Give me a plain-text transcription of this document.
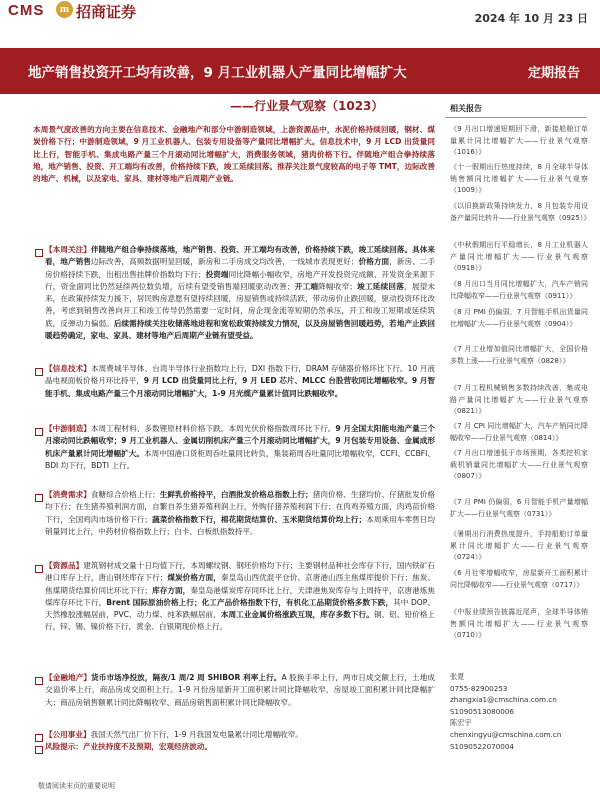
CMS	m 招商证券	2024 年 10 月 23 日
地产销售投资开工均有改善，9 月工业机器人产量同比增幅扩大	定期报告
——行业景气观察（1023）
本周景气度改善的方向主要在信息技术、金融地产和部分中游制造领域，上游资源品中，水泥价格持续回暖，钢材、煤炭价格下行；中游制造领域，9 月工业机器人、包装专用设备等产量同比增幅扩大。信息技术中，9 月 LCD 出货量同比上行，智能手机、集成电路产量三个月滚动同比增幅扩大，消费服务领域，猪肉价格下行。伴随地产组合拳持续落地，地产销售、投资、开工端均有改善，价格持续下跌，竣工延续回落。推荐关注景气度较高的电子等 TMT，边际改善的地产、机械，以及家电、家具、建材等地产后周期产业链。
【本周关注】伴随地产组合拳持续落地，地产销售、投资、开工端均有改善，价格持续下跌，竣工延续回落。具体来看，地产销售边际改善，高频数据明显回暖，新房和二手房成交均改善，一线城市表现更好；价格方面，新房、二手房价格持续下跌，出租出售挂牌价指数均下行；投资端同比降幅小幅收窄，房地产开发投资完成额、开发资金来源下行，资金面同比仍然延续两位数负增，后续有望受销售端回暖驱动改善；开工端降幅收窄；竣工延续回落，展望未来，在政策持续发力援下，居民购房意愿有望持续回暖，房屋销售或持续活跃，带动房价止跌回暖，驱动投资环比改善，考虑到销售改善向开工和竣工传导仍然需要一定时间，房企现金流等短期仍然承压，开工和竣工短期或延续筑底，反弹动力偏弱。后续需持续关注收储落地进程和宽松政策持续发力情况，以及房屋销售回暖趋势，若地产止跌回暖趋势确定，家电、家具、建材等地产后周期产业链有望受益。
【信息技术】本周费城半导体、台湾半导体行业指数均上行，DXI 指数下行，DRAM 存储器价格环比下行。10 月液晶电视面板价格月环比持平，9 月 LCD 出货量同比上行，9 月 LED 芯片、MLCC 台股营收同比增幅收窄。9 月智能手机、集成电路产量三个月滚动同比增幅扩大，1-9 月光缆产量累计值同比跌幅收窄。
【中游制造】本周工程材料、多数锂原材料价格下跌。本周光伏价格指数周环比下行。9 月全国太阳能电池产量三个月滚动同比跌幅收窄；9 月工业机器人、金属切削机床产量三个月滚动同比增幅扩大，9 月包装专用设备、金属成形机床产量累计同比增幅扩大。本周中国港口货柜周吞吐量同比转负，集装箱周吞吐量同比增幅收窄，CCFI、CCBFI、BDI 均下行，BDTI 上行。
【消费需求】食糖综合价格上行；生鲜乳价格持平，白酒批发价格总指数上行；猪肉价格、生猪均价、仔猪批发价格均下行；在生猪养殖利润方面，自繁自养生猪养殖利润上行，外购仔猪养殖利润下行；在肉鸡养殖方面，肉鸡苗价格下行，全国鸡肉市场价格下行；蔬菜价格指数下行，棉花期货结算价、玉米期货结算价均上行；本周乘用车零售日均销量同比上行，中药材价格指数上行；白卡、白板纸指数持平。
【资源品】建筑钢材成交量十日均值下行，本周螺纹钢、钢坯价格均下行；主要钢材品种社会库存下行，国内铁矿石港口库存上行，唐山钢坯库存下行；煤炭价格方面，秦皇岛山西优混平仓价、京唐港山西主焦煤库提价下行；焦炭、焦煤期货结算价同比环比下行；库存方面，秦皇岛港煤炭库存同环比上行，天津港焦炭库存与上周持平，京唐港炼焦煤库存环比下行，Brent 国际原油价格上行；化工产品价格指数下行，有机化工品期货价格多数下跌，其中 DOP、天然橡胶涨幅居前，PVC、动力煤、纯苯跌幅居前，本周工业金属价格涨跌互现，库存多数下行。铜、铝、铅价格上行，锌、锡、镍价格下行，黄金、白银期现价格上行。
【金融地产】货币市场净投放，隔夜/1 周/2 周 SHIBOR 利率上行。A 股换手率上行，两市日成交额上行，土地成交溢价率上行，商品房成交面积上行。1-9 月份房屋新开工面积累计同比降幅收窄，房屋竣工面积累计同比降幅扩大；商品房销售额累计同比降幅收窄、商品房销售面积累计同比降幅收窄。
【公用事业】我国天然气出厂价下行，1-9 月我国发电量累计同比增幅收窄。
风险提示：产业扶持度不及预期，宏观经济波动。
相关报告
《9 月出口增速短期回下滑，新接船舶订单量累计同比增幅扩大——行业景气观察（1016）》
《十一假期出行热度持续，8 月全球半导体销售额同比增幅扩大——行业景气观察（1009）》
《以旧换新政策持续发力，8 月包装专用设备产量同比转升——行业景气观察（0925）》
《中秋假期出行平稳增长，8 月工业机器人产量同比增幅扩大——行业景气观察（0918）》
《8 月出口当月同比增幅扩大，汽车产销同比降幅收窄——行业景气观察（0911）》
《8 月 PMI 仍偏弱，7 月智能手机出货量同比增幅扩大——行业景气观察（0904）》
《7 月工业增加值同比增幅扩大，全国价格多数上涨——行业景气观察（0828）》
《7 月工程机械销售多数持续改善，集成电路产量同比增幅扩大——行业景气观察（0821）》
《7 月 CPI 同比增幅扩大，汽车产销同比降幅收窄——行业景气观察（0814）》
《7 月出口增速低于市场预期，各类挖机家载机销量同比增幅扩大——行业景气观察（0807）》
《7 月 PMI 仍偏弱，6 月智能手机产量增幅扩大——行业景气观察（0731）》
《暑期出行消费热度提升，手持船舶订单量累计同比增幅扩大——行业景气观察（0724）》
《6 月社零增幅收窄，房屋新开工面积累计同比降幅收窄——行业景气观察（0717）》
《中报业绩预告披露近尾声，全球半导体销售额同比增幅扩大——行业景气观察（0710）》
张夏
0755-82900253
zhangxia1@cmschina.com.cn
S1090513080006
陈宏宇
chenxingyu@cmschina.com.cn
S1090522070004
敬请阅读末页的重要说明
